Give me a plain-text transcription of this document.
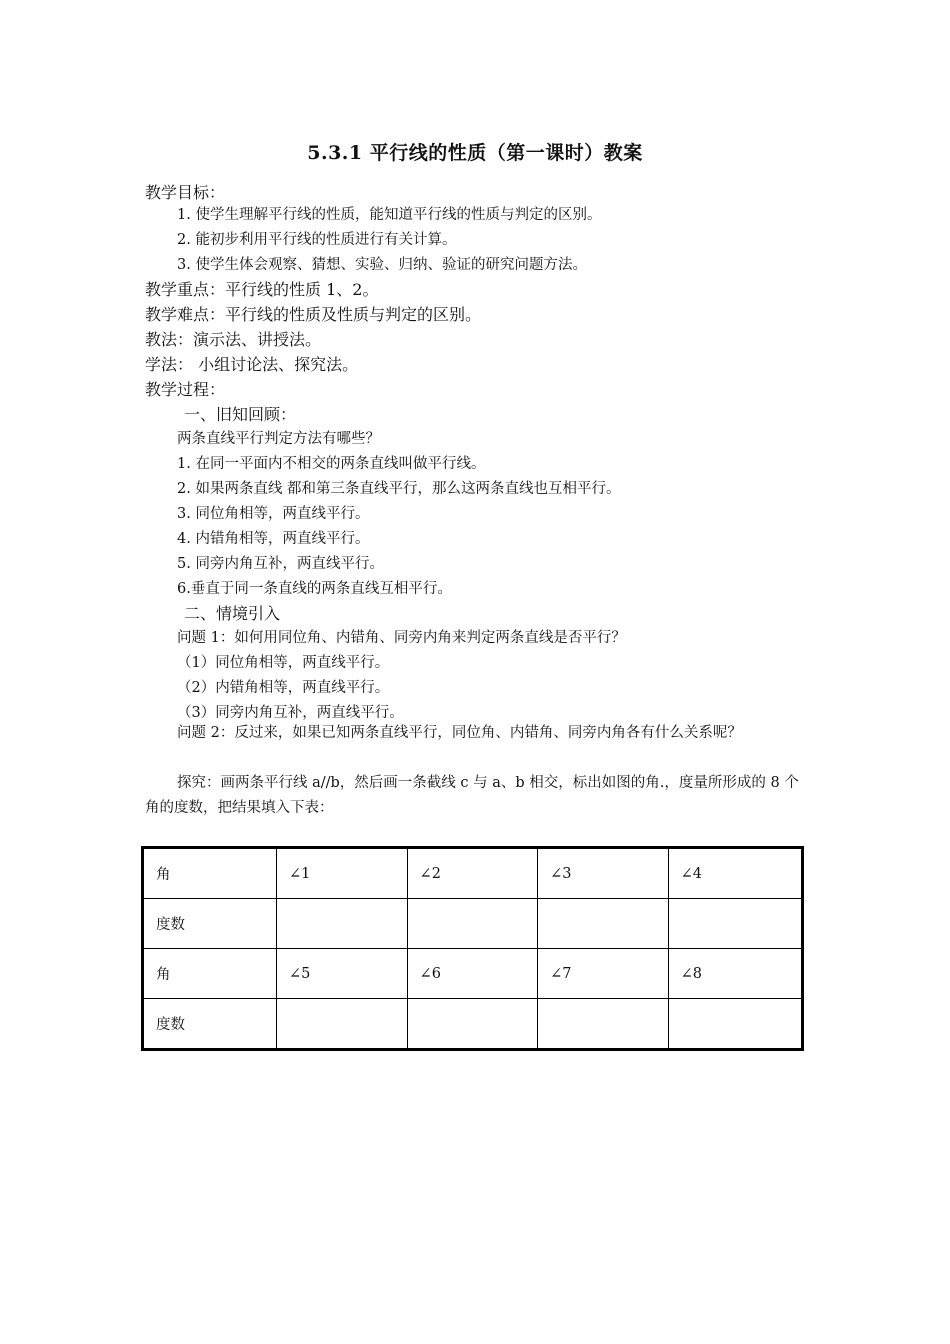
5.3.1 平行线的性质（第一课时）教案
教学目标：
1. 使学生理解平行线的性质，能知道平行线的性质与判定的区别。
2. 能初步利用平行线的性质进行有关计算。
3. 使学生体会观察、猜想、实验、归纳、验证的研究问题方法。
教学重点：平行线的性质 1、2。
教学难点：平行线的性质及性质与判定的区别。
教法：演示法、讲授法。
学法： 小组讨论法、探究法。
教学过程：
一、旧知回顾：
两条直线平行判定方法有哪些？
1. 在同一平面内不相交的两条直线叫做平行线。
2. 如果两条直线 都和第三条直线平行，那么这两条直线也互相平行。
3. 同位角相等，两直线平行。
4. 内错角相等，两直线平行。
5. 同旁内角互补，两直线平行。
6.垂直于同一条直线的两条直线互相平行。
二、情境引入
问题 1：如何用同位角、内错角、同旁内角来判定两条直线是否平行？
（1）同位角相等，两直线平行。
（2）内错角相等，两直线平行。
（3）同旁内角互补，两直线平行。
问题 2：反过来，如果已知两条直线平行，同位角、内错角、同旁内角各有什么关系呢？
探究：画两条平行线 a//b，然后画一条截线 c 与 a、b 相交，标出如图的角.，度量所形成的 8 个角的度数，把结果填入下表：
角	∠1	∠2	∠3	∠4
度数				
角	∠5	∠6	∠7	∠8
度数				
